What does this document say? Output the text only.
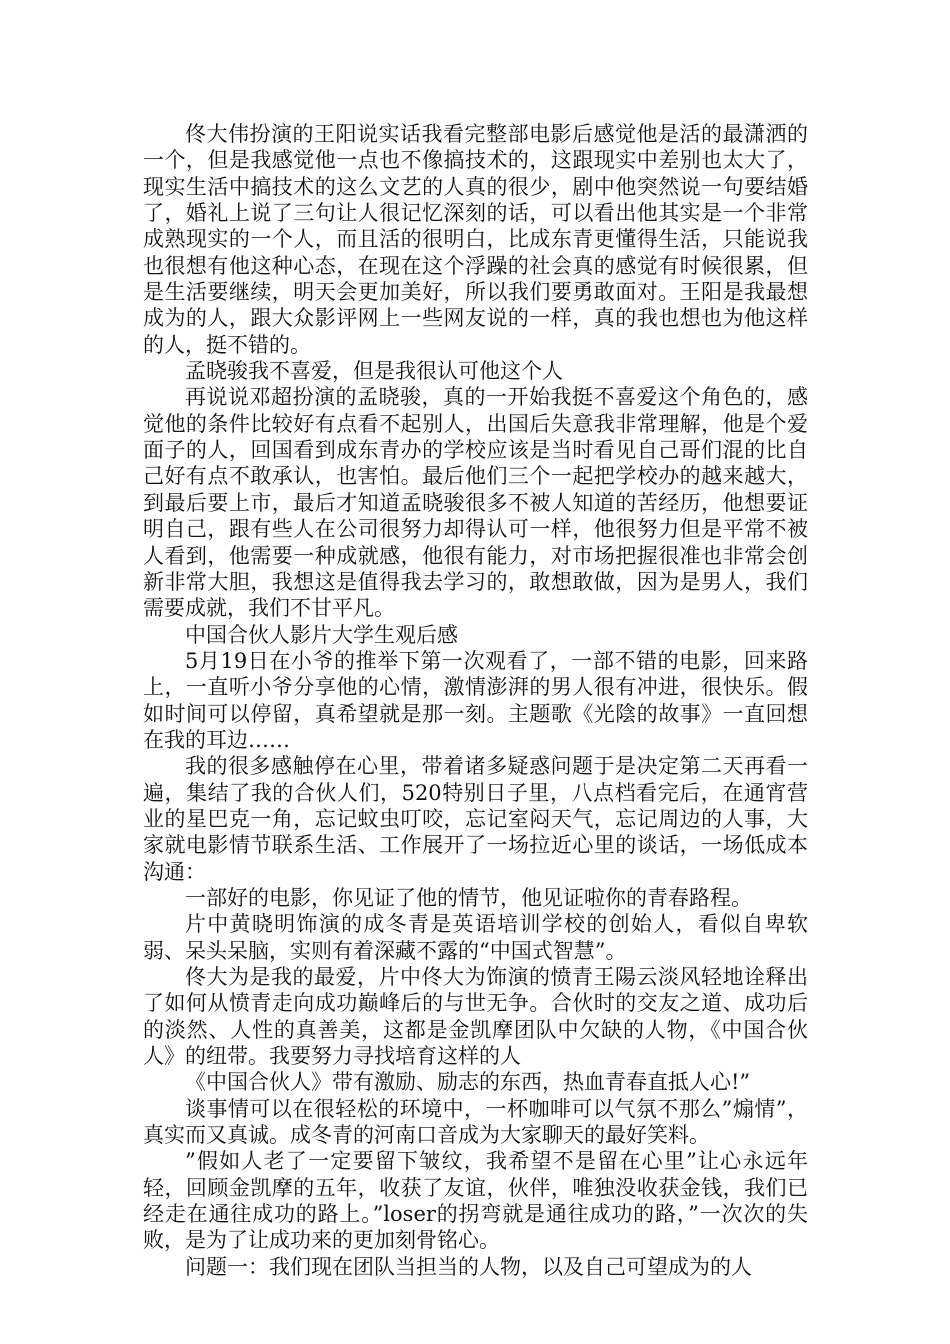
佟大伟扮演的王阳说实话我看完整部电影后感觉他是活的最潇洒的一个，但是我感觉他一点也不像搞技术的，这跟现实中差别也太大了，现实生活中搞技术的这么文艺的人真的很少，剧中他突然说一句要结婚了，婚礼上说了三句让人很记忆深刻的话，可以看出他其实是一个非常成熟现实的一个人，而且活的很明白，比成东青更懂得生活，只能说我也很想有他这种心态，在现在这个浮躁的社会真的感觉有时候很累，但是生活要继续，明天会更加美好，所以我们要勇敢面对。王阳是我最想成为的人，跟大众影评网上一些网友说的一样，真的我也想也为他这样的人，挺不错的。

孟晓骏我不喜爱，但是我很认可他这个人

再说说邓超扮演的孟晓骏，真的一开始我挺不喜爱这个角色的，感觉他的条件比较好有点看不起别人，出国后失意我非常理解，他是个爱面子的人，回国看到成东青办的学校应该是当时看见自己哥们混的比自己好有点不敢承认，也害怕。最后他们三个一起把学校办的越来越大，到最后要上市，最后才知道孟晓骏很多不被人知道的苦经历，他想要证明自己，跟有些人在公司很努力却得认可一样，他很努力但是平常不被人看到，他需要一种成就感，他很有能力，对市场把握很准也非常会创新非常大胆，我想这是值得我去学习的，敢想敢做，因为是男人，我们需要成就，我们不甘平凡。

中国合伙人影片大学生观后感

5月19日在小爷的推举下第一次观看了，一部不错的电影，回来路上，一直听小爷分享他的心情，激情澎湃的男人很有冲进，很快乐。假如时间可以停留，真希望就是那一刻。主题歌《光陰的故事》一直回想在我的耳边……

我的很多感触停在心里，带着诸多疑惑问题于是决定第二天再看一遍，集结了我的合伙人们，520特别日子里，八点档看完后，在通宵营业的星巴克一角，忘记蚊虫叮咬，忘记室闷天气，忘记周边的人事，大家就电影情节联系生活、工作展开了一场拉近心里的谈话，一场低成本沟通：

一部好的电影，你见证了他的情节，他见证啦你的青春路程。

片中黄晓明饰演的成冬青是英语培训学校的创始人，看似自卑软弱、呆头呆脑，实则有着深藏不露的“中国式智慧”。

佟大为是我的最爱，片中佟大为饰演的愤青王陽云淡风轻地诠释出了如何从愤青走向成功巅峰后的与世无争。合伙时的交友之道、成功后的淡然、人性的真善美，这都是金凯摩团队中欠缺的人物，《中国合伙人》的纽带。我要努力寻找培育这样的人

《中国合伙人》带有激励、励志的东西，热血青春直抵人心!”

谈事情可以在很轻松的环境中，一杯咖啡可以气氛不那么”煽情”，真实而又真诚。成冬青的河南口音成为大家聊天的最好笑料。

”假如人老了一定要留下皱纹，我希望不是留在心里”让心永远年轻，回顾金凯摩的五年，收获了友谊，伙伴，唯独没收获金钱，我们已经走在通往成功的路上。”loser的拐弯就是通往成功的路，”一次次的失败，是为了让成功来的更加刻骨铭心。

问题一：我们现在团队当担当的人物，以及自己可望成为的人
